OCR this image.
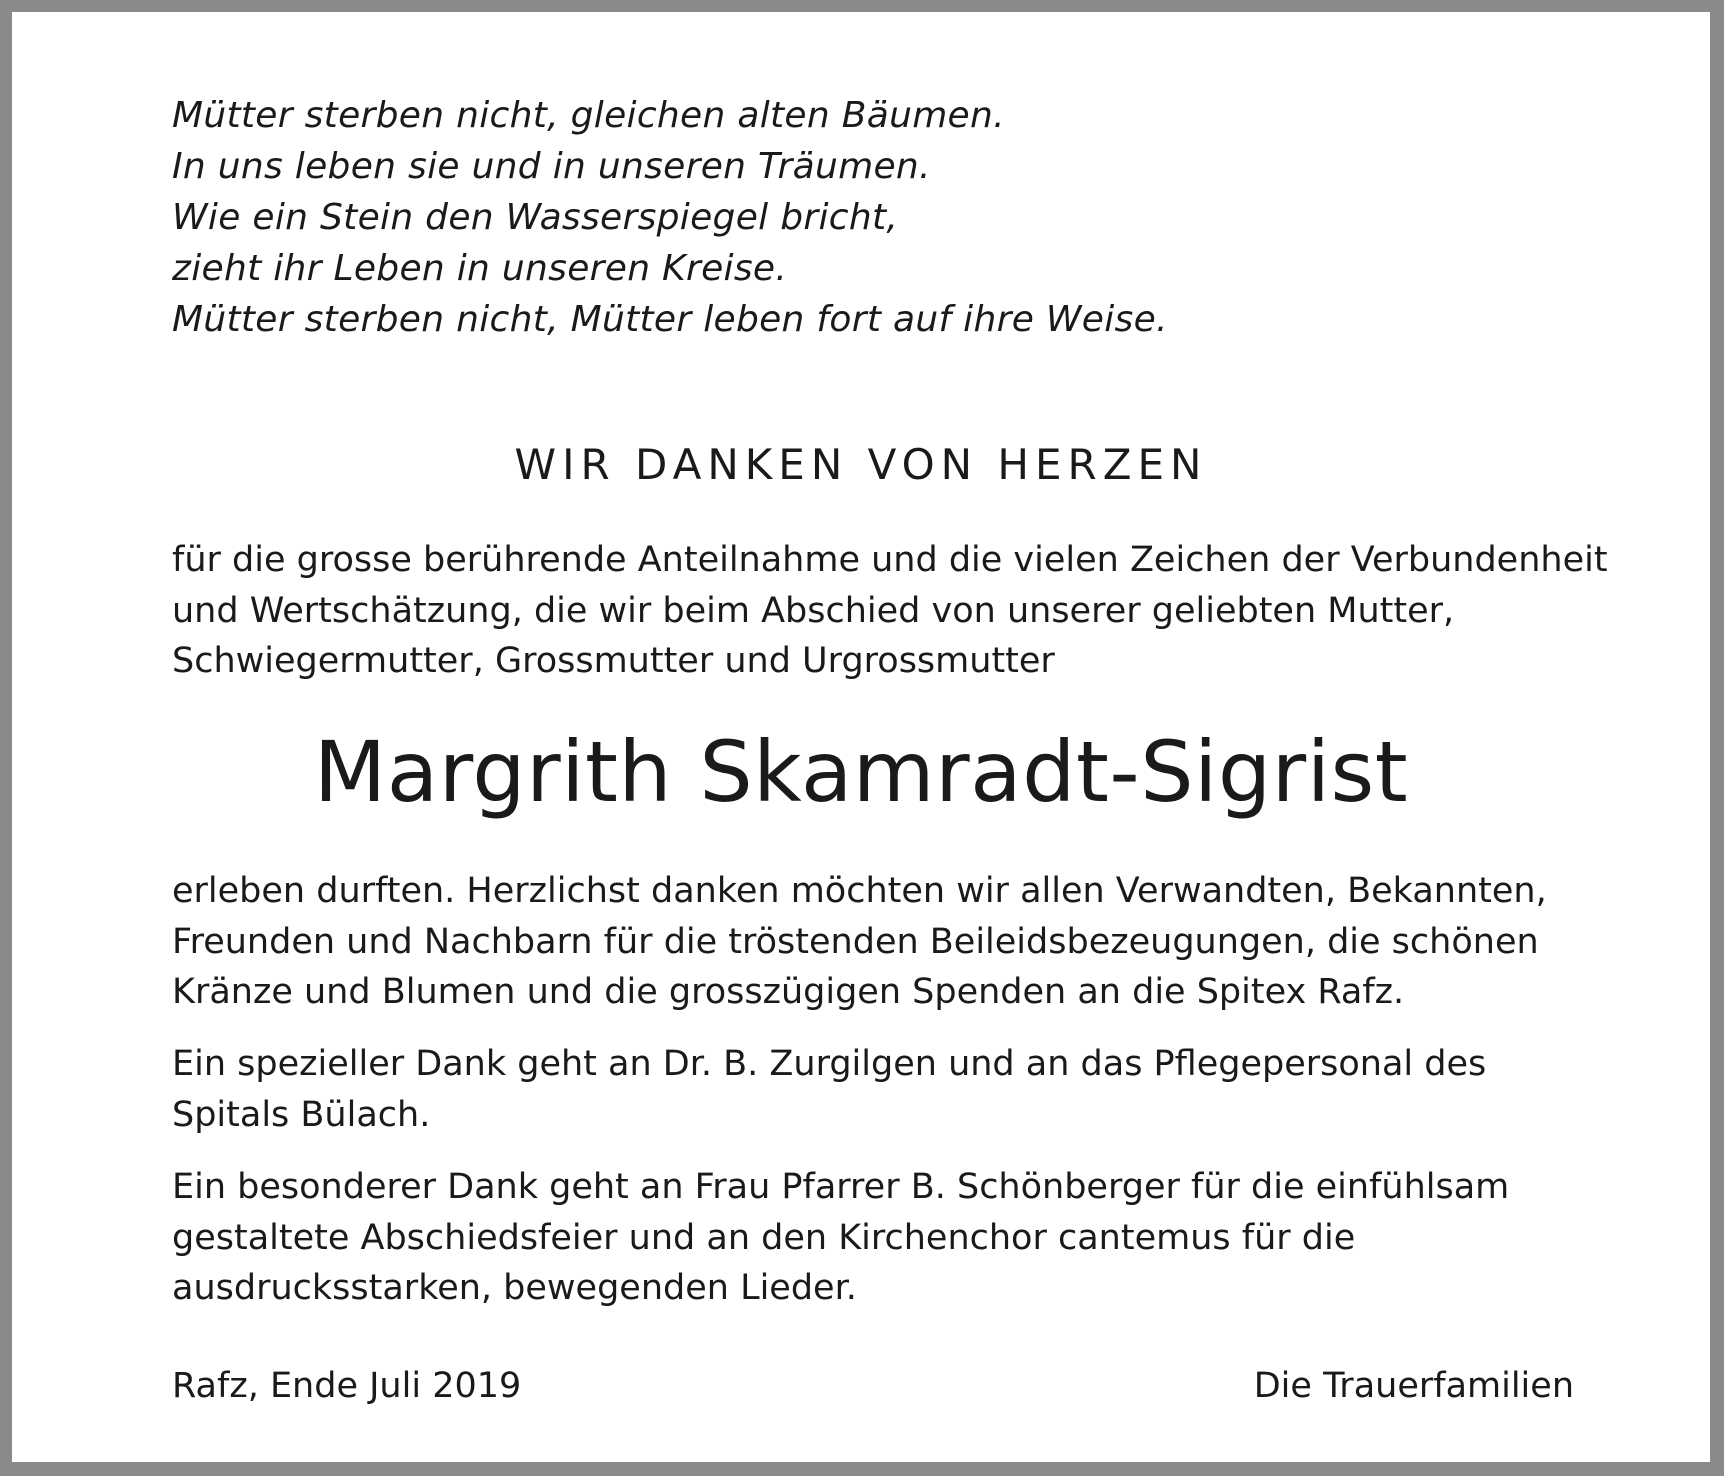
Mütter sterben nicht, gleichen alten Bäumen.
In uns leben sie und in unseren Träumen.
Wie ein Stein den Wasserspiegel bricht,
zieht ihr Leben in unseren Kreise.
Mütter sterben nicht, Mütter leben fort auf ihre Weise.
WIR DANKEN VON HERZEN

für die grosse berührende Anteilnahme und die vielen Zeichen der Verbundenheit und Wertschätzung, die wir beim Abschied von unserer geliebten Mutter, Schwiegermutter, Grossmutter und Urgrossmutter

Margrith Skamradt-Sigrist

erleben durften. Herzlichst danken möchten wir allen Verwandten, Bekannten, Freunden und Nachbarn für die tröstenden Beileidsbezeugungen, die schönen Kränze und Blumen und die grosszügigen Spenden an die Spitex Rafz.

Ein spezieller Dank geht an Dr. B. Zurgilgen und an das Pflegepersonal des Spitals Bülach.

Ein besonderer Dank geht an Frau Pfarrer B. Schönberger für die einfühlsam gestaltete Abschiedsfeier und an den Kirchenchor cantemus für die ausdrucksstarken, bewegenden Lieder.

Rafz, Ende Juli 2019	Die Trauerfamilien
